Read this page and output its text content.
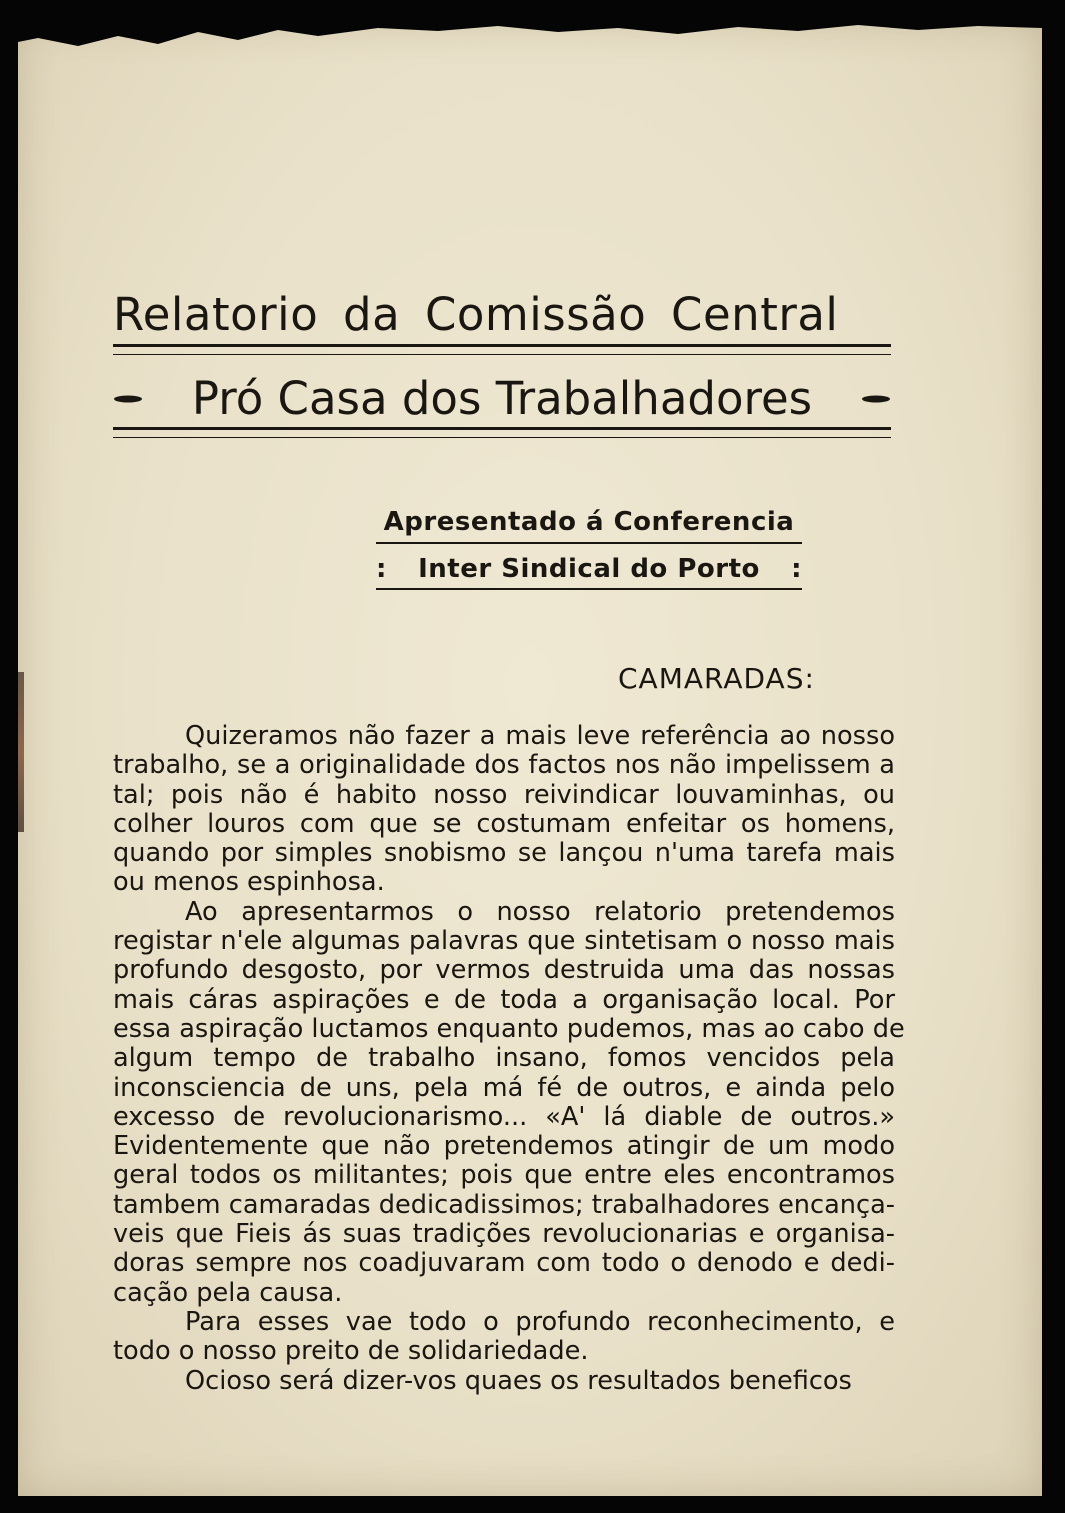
Relatorio da Comissão Central
Pró Casa dos Trabalhadores
Apresentado á Conferencia
: Inter Sindical do Porto :
CAMARADAS:

Quizeramos não fazer a mais leve referência ao nosso
trabalho, se a originalidade dos factos nos não impelissem a
tal; pois não é habito nosso reivindicar louvaminhas, ou
colher louros com que se costumam enfeitar os homens,
quando por simples snobismo se lançou n'uma tarefa mais
ou menos espinhosa.

Ao apresentarmos o nosso relatorio pretendemos
registar n'ele algumas palavras que sintetisam o nosso mais
profundo desgosto, por vermos destruida uma das nossas
mais cáras aspirações e de toda a organisação local. Por
essa aspiração luctamos enquanto pudemos, mas ao cabo de
algum tempo de trabalho insano, fomos vencidos pela
inconsciencia de uns, pela má fé de outros, e ainda pelo
excesso de revolucionarismo... «A' lá diable de outros.»
Evidentemente que não pretendemos atingir de um modo
geral todos os militantes; pois que entre eles encontramos
tambem camaradas dedicadissimos; trabalhadores encança-
veis que Fieis ás suas tradições revolucionarias e organisa-
doras sempre nos coadjuvaram com todo o denodo e dedi-
cação pela causa.

Para esses vae todo o profundo reconhecimento, e
todo o nosso preito de solidariedade.

Ocioso será dizer-vos quaes os resultados beneficos
